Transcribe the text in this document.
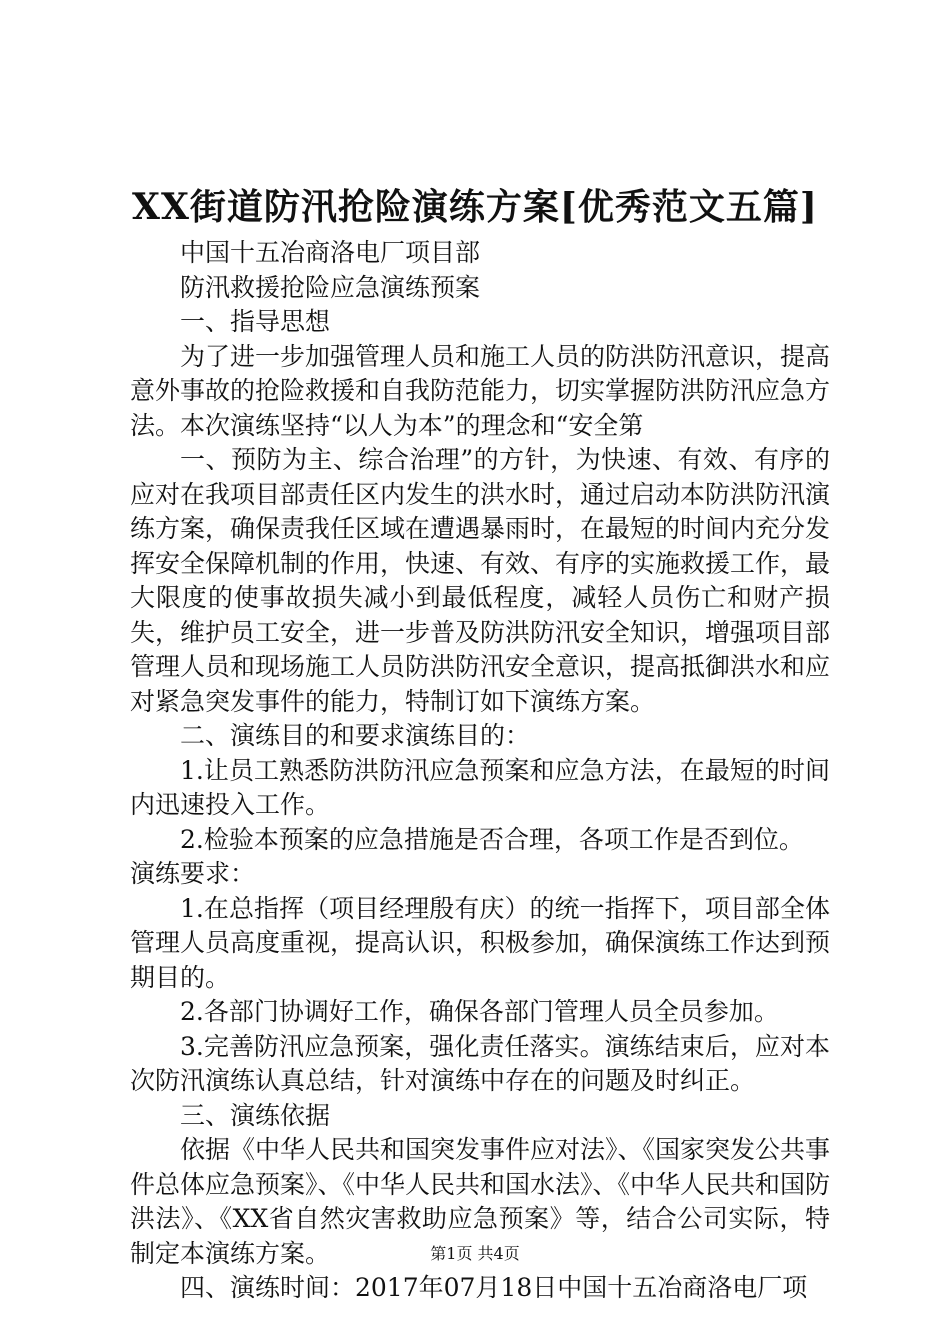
XX街道防汛抢险演练方案[优秀范文五篇]

中国十五冶商洛电厂项目部

防汛救援抢险应急演练预案

一、指导思想

为了进一步加强管理人员和施工人员的防洪防汛意识，提高意外事故的抢险救援和自我防范能力，切实掌握防洪防汛应急方法。本次演练坚持“以人为本”的理念和“安全第

一、预防为主、综合治理”的方针，为快速、有效、有序的应对在我项目部责任区内发生的洪水时，通过启动本防洪防汛演练方案，确保责我任区域在遭遇暴雨时，在最短的时间内充分发挥安全保障机制的作用，快速、有效、有序的实施救援工作，最大限度的使事故损失减小到最低程度，减轻人员伤亡和财产损失，维护员工安全，进一步普及防洪防汛安全知识，增强项目部管理人员和现场施工人员防洪防汛安全意识，提高抵御洪水和应对紧急突发事件的能力，特制订如下演练方案。

二、演练目的和要求演练目的：

1.让员工熟悉防洪防汛应急预案和应急方法，在最短的时间内迅速投入工作。

2.检验本预案的应急措施是否合理，各项工作是否到位。

演练要求：

1.在总指挥（项目经理殷有庆）的统一指挥下，项目部全体管理人员高度重视，提高认识，积极参加，确保演练工作达到预期目的。

2.各部门协调好工作，确保各部门管理人员全员参加。

3.完善防汛应急预案，强化责任落实。演练结束后，应对本次防汛演练认真总结，针对演练中存在的问题及时纠正。

三、演练依据

依据《中华人民共和国突发事件应对法》、《国家突发公共事件总体应急预案》、《中华人民共和国水法》、《中华人民共和国防洪法》、《XX省自然灾害救助应急预案》等，结合公司实际，特制定本演练方案。

四、演练时间：2017年07月18日中国十五冶商洛电厂项

第1页 共4页
